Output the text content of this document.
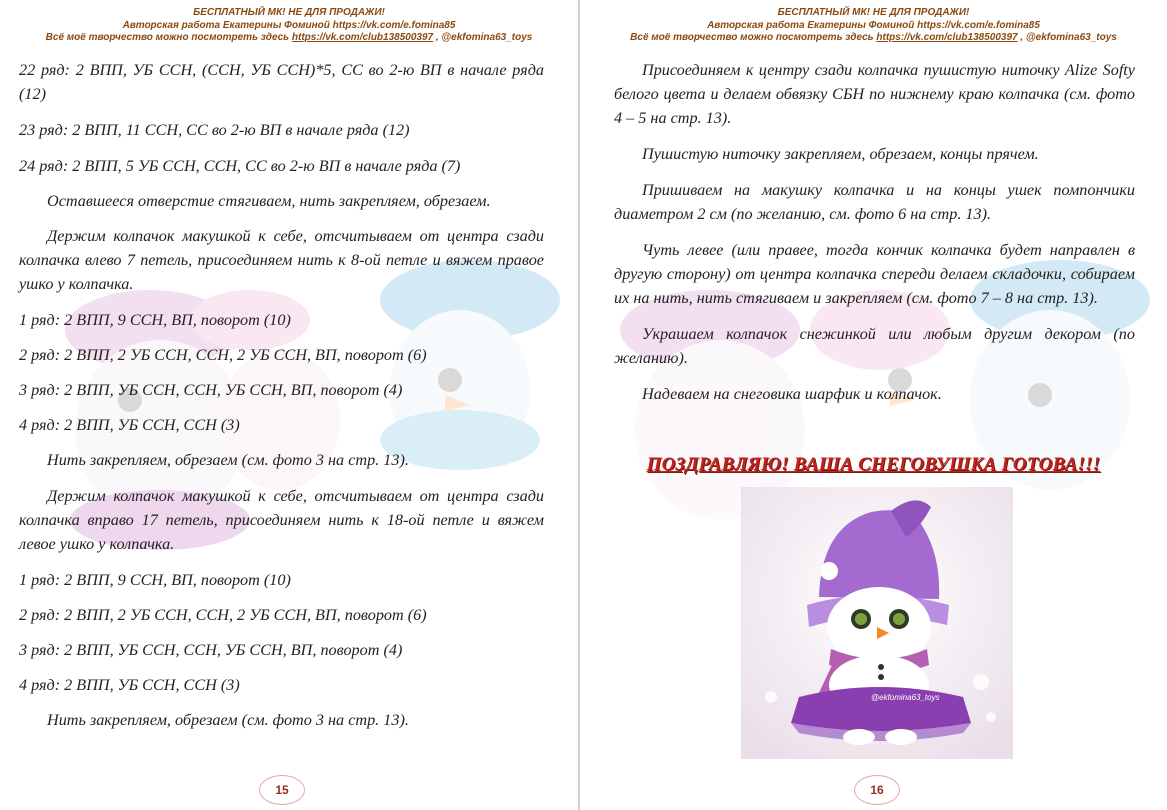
БЕСПЛАТНЫЙ МК! НЕ ДЛЯ ПРОДАЖИ!
Авторская работа Екатерины Фоминой https://vk.com/e.fomina85
Всё моё творчество можно посмотреть здесь https://vk.com/club138500397 , @ekfomina63_toys

22 ряд: 2 ВПП, УБ ССН, (ССН, УБ ССН)*5, СС во 2-ю ВП в начале ряда (12)

23 ряд: 2 ВПП, 11 ССН, СС во 2-ю ВП в начале ряда (12)

24 ряд: 2 ВПП, 5 УБ ССН, ССН, СС во 2-ю ВП в начале ряда (7)

Оставшееся отверстие стягиваем, нить закрепляем, обрезаем.

Держим колпачок макушкой к себе, отсчитываем от центра сзади колпачка влево 7 петель, присоединяем нить к 8-ой петле и вяжем правое ушко у колпачка.

1 ряд: 2 ВПП, 9 ССН, ВП, поворот (10)

2 ряд: 2 ВПП, 2 УБ ССН, ССН, 2 УБ ССН, ВП, поворот (6)

3 ряд: 2 ВПП, УБ ССН, ССН, УБ ССН, ВП, поворот (4)

4 ряд: 2 ВПП, УБ ССН, ССН (3)

Нить закрепляем, обрезаем (см. фото 3 на стр. 13).

Держим колпачок макушкой к себе, отсчитываем от центра сзади колпачка вправо 17 петель, присоединяем нить к 18-ой петле и вяжем левое ушко у колпачка.

1 ряд: 2 ВПП, 9 ССН, ВП, поворот (10)

2 ряд: 2 ВПП, 2 УБ ССН, ССН, 2 УБ ССН, ВП, поворот (6)

3 ряд: 2 ВПП, УБ ССН, ССН, УБ ССН, ВП, поворот (4)

4 ряд: 2 ВПП, УБ ССН, ССН (3)

Нить закрепляем, обрезаем (см. фото 3 на стр. 13).

15
БЕСПЛАТНЫЙ МК! НЕ ДЛЯ ПРОДАЖИ!
Авторская работа Екатерины Фоминой https://vk.com/e.fomina85
Всё моё творчество можно посмотреть здесь https://vk.com/club138500397 , @ekfomina63_toys

Присоединяем к центру сзади колпачка пушистую ниточку Alize Softy белого цвета и делаем обвязку СБН по нижнему краю колпачка (см. фото 4 – 5 на стр. 13).

Пушистую ниточку закрепляем, обрезаем, концы прячем.

Пришиваем на макушку колпачка и на концы ушек помпончики диаметром 2 см (по желанию, см. фото 6 на стр. 13).

Чуть левее (или правее, тогда кончик колпачка будет направлен в другую сторону) от центра колпачка спереди делаем складочки, собираем их на нить, нить стягиваем и закрепляем (см. фото 7 – 8 на стр. 13).

Украшаем колпачок снежинкой или любым другим декором (по желанию).

Надеваем на снеговика шарфик и колпачок.

ПОЗДРАВЛЯЮ! ВАША СНЕГОВУШКА ГОТОВА!!!
@ekfomina63_toys
16
